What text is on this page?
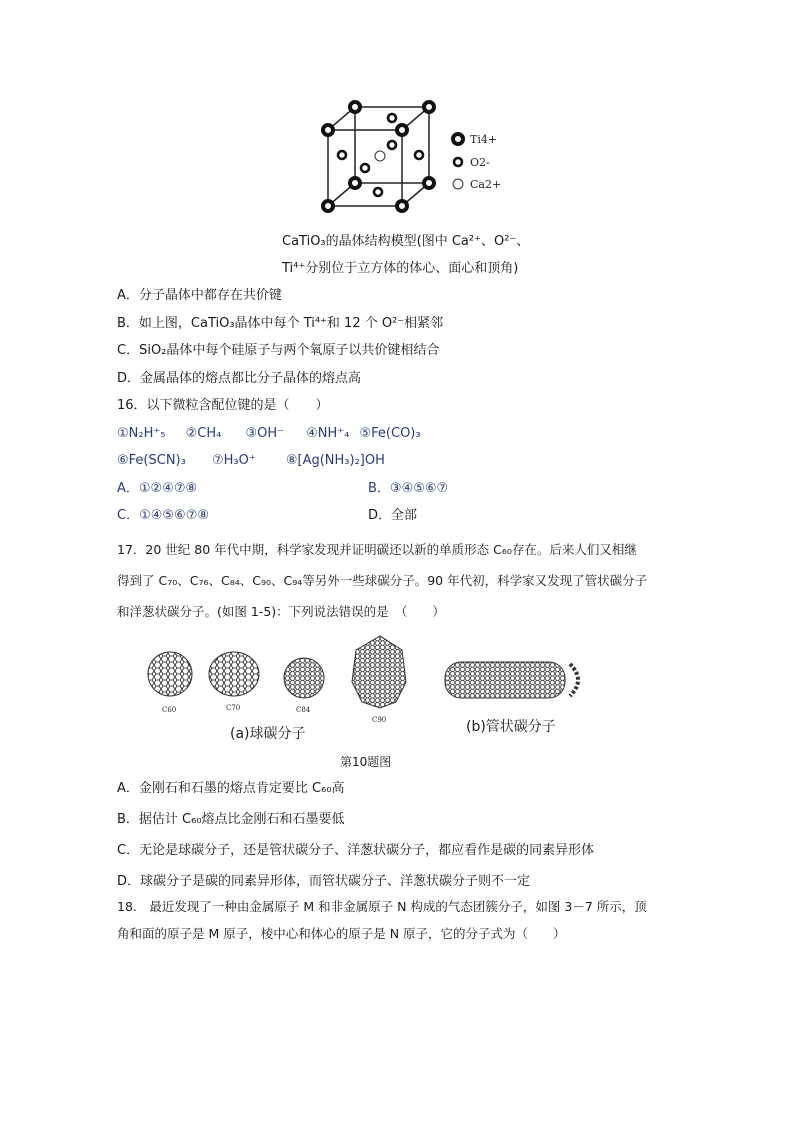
Ti4+
O2-
Ca2+
CaTiO₃的晶体结构模型(图中 Ca²⁺、O²⁻、
Ti⁴⁺分别位于立方体的体心、面心和顶角)
A．分子晶体中都存在共价键
B．如上图，CaTiO₃晶体中每个 Ti⁴⁺和 12 个 O²⁻相紧邻
C．SiO₂晶体中每个硅原子与两个氧原子以共价键相结合
D．金属晶体的熔点都比分子晶体的熔点高
16．以下微粒含配位键的是（　　）
①N₂H⁺₅ ②CH₄ ③OH⁻ ④NH⁺₄ ⑤Fe(CO)₃
⑥Fe(SCN)₃ ⑦H₃O⁺ ⑧[Ag(NH₃)₂]OH
A．①②④⑦⑧	B．③④⑤⑥⑦
C．①④⑤⑥⑦⑧	D．全部
17．20 世纪 80 年代中期，科学家发现并证明碳还以新的单质形态 C₆₀存在。后来人们又相继
得到了 C₇₀、C₇₆、C₈₄、C₉₀、C₉₄等另外一些球碳分子。90 年代初，科学家又发现了管状碳分子
和洋葱状碳分子。(如图 1-5)：下列说法错误的是　（　　）
C60	C70	C84
C90
(a)球碳分子	(b)管状碳分子
第10题图
A．金刚石和石墨的熔点肯定要比 C₆₀高
B．据估计 C₆₀熔点比金刚石和石墨要低
C．无论是球碳分子，还是管状碳分子、洋葱状碳分子，都应看作是碳的同素异形体
D．球碳分子是碳的同素异形体，而管状碳分子、洋葱状碳分子则不一定
18.　最近发现了一种由金属原子 M 和非金属原子 N 构成的气态团簇分子，如图 3－7 所示，顶
角和面的原子是 M 原子，棱中心和体心的原子是 N 原子，它的分子式为（　　）
